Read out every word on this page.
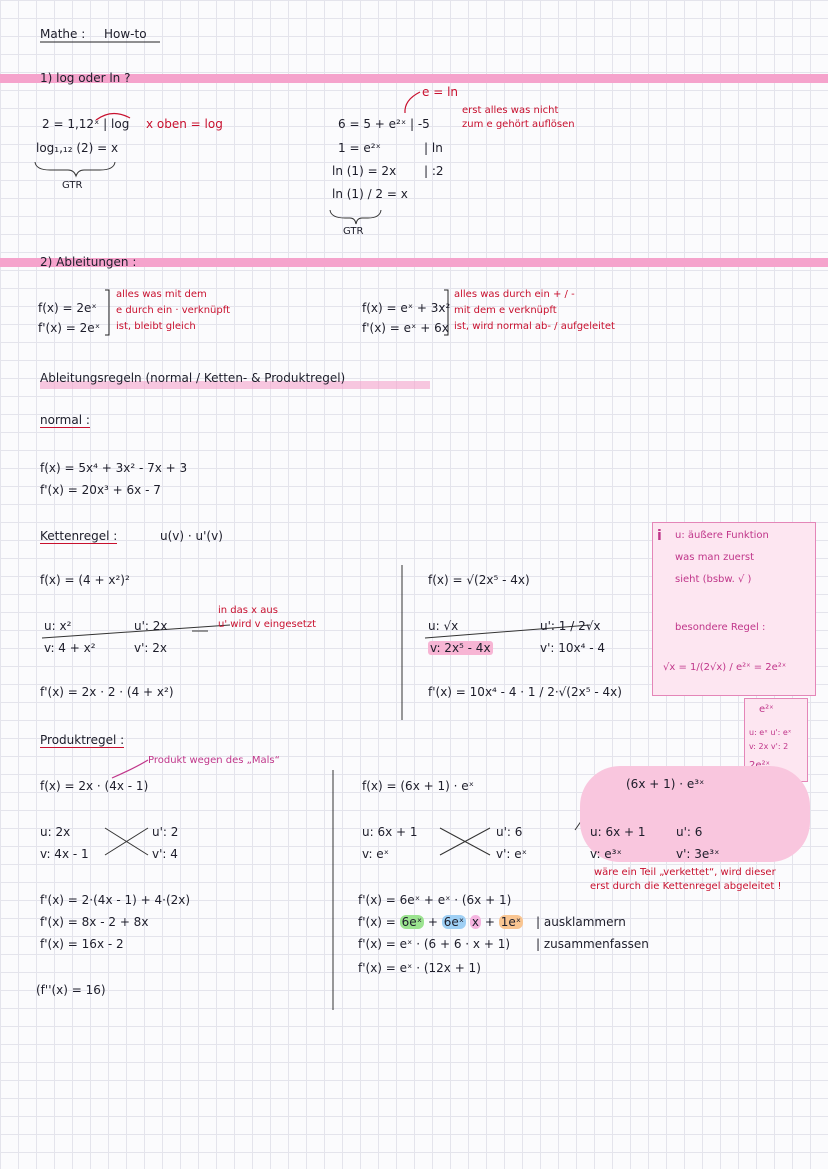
Mathe : How-to
1) log oder ln ?
2 = 1,12ˣ | log x oben = log
log₁,₁₂ (2) = x
GTR
e = ln
6 = 5 + e²ˣ | -5
erst alles was nicht
zum e gehört auflösen
1 = e²ˣ	| ln
ln (1) = 2x | :2
ln (1) / 2 = x
GTR
2) Ableitungen :
f(x) = 2eˣ
f'(x) = 2eˣ
alles was mit dem
e durch ein · verknüpft
ist, bleibt gleich
f(x) = eˣ + 3x²
f'(x) = eˣ + 6x
alles was durch ein + / -
mit dem e verknüpft
ist, wird normal ab- / aufgeleitet
Ableitungsregeln (normal / Ketten- & Produktregel)
normal :
f(x) = 5x⁴ + 3x² - 7x + 3
f'(x) = 20x³ + 6x - 7
Kettenregel :	u(v) · u'(v)
f(x) = (4 + x²)²
u: x²
v: 4 + x²
u': 2x
v': 2x
in das x aus
u' wird v eingesetzt
f'(x) = 2x · 2 · (4 + x²)
f(x) = √(2x⁵ - 4x)
u: √x
v: 2x⁵ - 4x
u': 1 / 2√x
v': 10x⁴ - 4
f'(x) = 10x⁴ - 4 · 1 / 2·√(2x⁵ - 4x)
i u: äußere Funktion
was man zuerst
sieht (bsbw. √ )
besondere Regel :
√x = 1/(2√x) / e²ˣ = 2e²ˣ
e²ˣ
u: eˣ u': eˣ
v: 2x v': 2
Produktregel :
Produkt wegen des „Mals“
f(x) = 2x · (4x - 1)
u: 2x
v: 4x - 1
u': 2
v': 4
f'(x) = 2·(4x - 1) + 4·(2x)
f'(x) = 8x - 2 + 8x
f'(x) = 16x - 2
(f''(x) = 16)
f(x) = (6x + 1) · eˣ
u: 6x + 1
v: eˣ
u': 6
v': eˣ
f'(x) = 6eˣ + eˣ · (6x + 1)
f'(x) = 6eˣ + 6eˣ x + 1eˣ
f'(x) = eˣ · (6 + 6 · x + 1)
f'(x) = eˣ · (12x + 1)
| ausklammern
| zusammenfassen
(6x + 1) · e³ˣ
u: 6x + 1
v: e³ˣ
u': 6
v': 3e³ˣ
wäre ein Teil „verkettet“, wird dieser
erst durch die Kettenregel abgeleitet !
